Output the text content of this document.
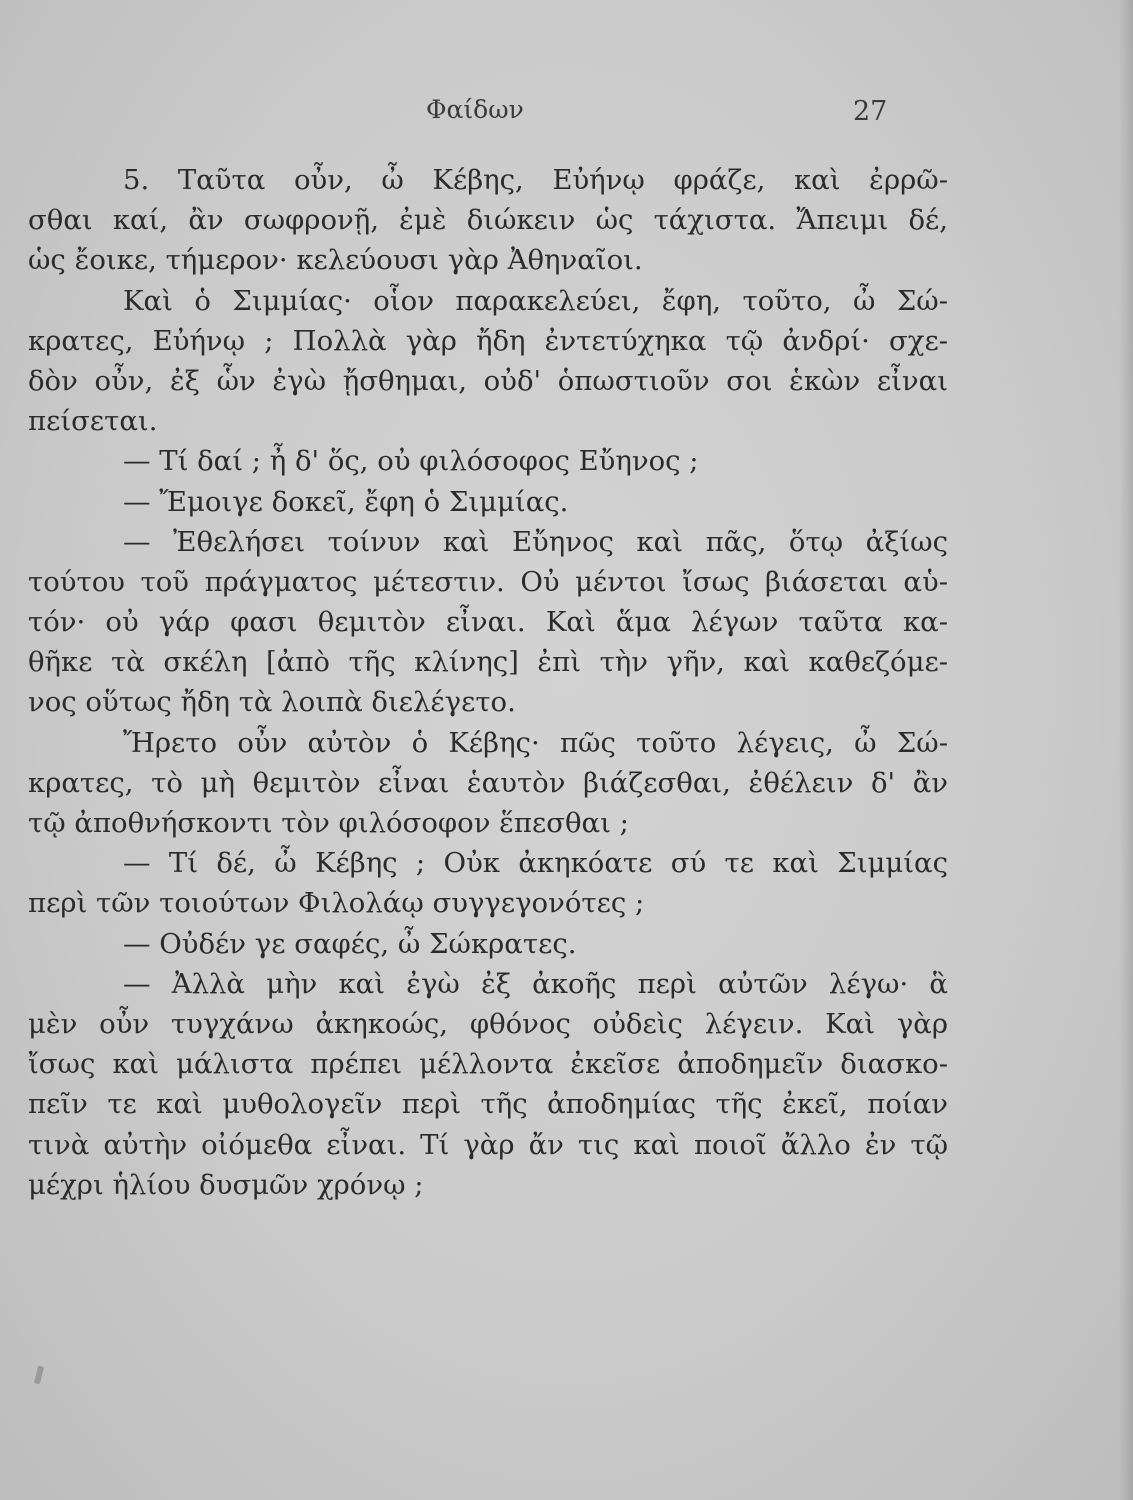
Φαίδων	27
5. Ταῦτα οὖν, ὦ Κέβης, Εὐήνῳ φράζε, καὶ ἐρρῶ-
σθαι καί, ἂν σωφρονῇ, ἐμὲ διώκειν ὡς τάχιστα. Ἄπειμι δέ,
ὡς ἔοικε, τήμερον· κελεύουσι γὰρ Ἀθηναῖοι.
Καὶ ὁ Σιμμίας· οἷον παρακελεύει, ἔφη, τοῦτο, ὦ Σώ-
κρατες, Εὐήνῳ ; Πολλὰ γὰρ ἤδη ἐντετύχηκα τῷ ἀνδρί· σχε-
δὸν οὖν, ἐξ ὧν ἐγὼ ᾔσθημαι, οὐδ' ὁπωστιοῦν σοι ἑκὼν εἶναι
πείσεται.
— Τί δαί ; ἦ δ' ὅς, οὐ φιλόσοφος Εὔηνος ;
— Ἔμοιγε δοκεῖ, ἔφη ὁ Σιμμίας.
— Ἐθελήσει τοίνυν καὶ Εὔηνος καὶ πᾶς, ὅτῳ ἀξίως
τούτου τοῦ πράγματος μέτεστιν. Οὐ μέντοι ἴσως βιάσεται αὑ-
τόν· οὐ γάρ φασι θεμιτὸν εἶναι. Καὶ ἅμα λέγων ταῦτα κα-
θῆκε τὰ σκέλη [ἀπὸ τῆς κλίνης] ἐπὶ τὴν γῆν, καὶ καθεζόμε-
νος οὕτως ἤδη τὰ λοιπὰ διελέγετο.
Ἤρετο οὖν αὐτὸν ὁ Κέβης· πῶς τοῦτο λέγεις, ὦ Σώ-
κρατες, τὸ μὴ θεμιτὸν εἶναι ἑαυτὸν βιάζεσθαι, ἐθέλειν δ' ἂν
τῷ ἀποθνήσκοντι τὸν φιλόσοφον ἕπεσθαι ;
— Τί δέ, ὦ Κέβης ; Οὐκ ἀκηκόατε σύ τε καὶ Σιμμίας
περὶ τῶν τοιούτων Φιλολάῳ συγγεγονότες ;
— Οὐδέν γε σαφές, ὦ Σώκρατες.
— Ἀλλὰ μὴν καὶ ἐγὼ ἐξ ἀκοῆς περὶ αὐτῶν λέγω· ἃ
μὲν οὖν τυγχάνω ἀκηκοώς, φθόνος οὐδεὶς λέγειν. Καὶ γὰρ
ἴσως καὶ μάλιστα πρέπει μέλλοντα ἐκεῖσε ἀποδημεῖν διασκο-
πεῖν τε καὶ μυθολογεῖν περὶ τῆς ἀποδημίας τῆς ἐκεῖ, ποίαν
τινὰ αὐτὴν οἰόμεθα εἶναι. Τί γὰρ ἄν τις καὶ ποιοῖ ἄλλο ἐν τῷ
μέχρι ἡλίου δυσμῶν χρόνῳ ;
